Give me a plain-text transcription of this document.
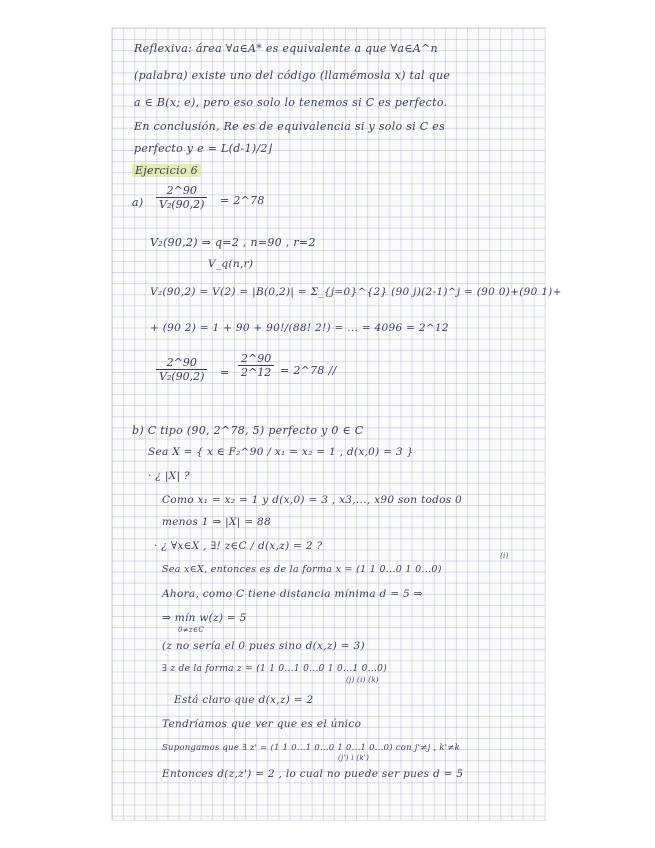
Reflexiva: área ∀a∈A* es equivalente a que ∀a∈A^n
(palabra) existe uno del código (llamémosla x) tal que
a ∈ B(x; e), pero eso solo lo tenemos si C es perfecto.
En conclusión, Re es de equivalencia si y solo si C es
perfecto y e = L(d-1)/2⌋
Ejercicio 6
$a) \frac{2\^{}90}{\text{V₂(90,2)}}$ = 2^78
V₂(90,2) ⇒ q=2 , n=90 , r=2
V_q(n,r)
V₂(90,2) = V(2) = |B(0,2)| = Σ_{j=0}^{2} (90 j)(2-1)^j = (90 0)+(90 1)+
+ (90 2) = 1 + 90 + 90!/(88! 2!) = ... = 4096 = 2^12
$\frac{2\^{}90}{\text{V₂(90,2)}} = \frac{2\^{}90}{2\^{}12}$ = 2^78 //
b) C tipo (90, 2^78, 5) perfecto y 0 ∈ C
Sea X = { x ∈ F₂^90 / x₁ = x₂ = 1 , d(x,0) = 3 }
· ¿ |X| ?
Como x₁ = x₂ = 1 y d(x,0) = 3 , x3,..., x90 son todos 0
menos 1 ⇒ |X| = 88
· ¿ ∀x∈X , ∃! z∈C / d(x,z) = 2 ?
(i)
Sea x∈X, entonces es de la forma x = (1 1 0...0 1 0...0)
Ahora, como C tiene distancia mínima d = 5 ⇒
⇒ mín w(z) = 5
0≠z∈C
(z no sería el 0 pues sino d(x,z) = 3)
∃ z de la forma z = (1 1 0...1 0...0 1 0...1 0...0)
(j) (i) (k)
Está claro que d(x,z) = 2
Tendríamos que ver que es el único
Supongamos que ∃ z' = (1 1 0...1 0...0 1 0...1 0...0) con j'≠j , k'≠k
(j') i (k')
Entonces d(z,z') = 2 , lo cual no puede ser pues d = 5
